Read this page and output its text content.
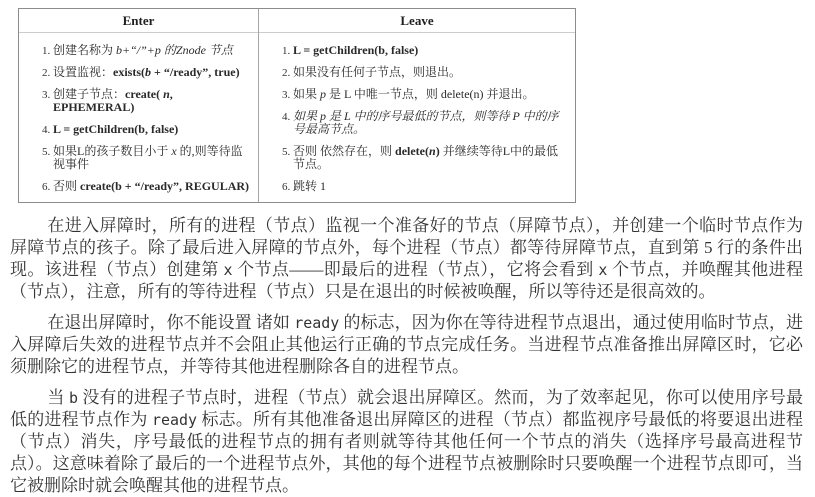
Enter
1. 创建名称为 b+“/”+p 的Znode 节点
2. 设置监视：exists(b + “/ready”, true)
3. 创建子节点：create( n, EPHEMERAL)
4. L = getChildren(b, false)
5. 如果L的孩子数目小于 x 的,则等待监视事件
6. 否则 create(b + “/ready”, REGULAR)
Leave
1. L = getChildren(b, false)
2. 如果没有任何子节点，则退出。
3. 如果 p 是 L 中唯一节点，则 delete(n) 并退出。
4. 如果 p 是 L 中的序号最低的节点，则等待 P 中的序号最高节点。
5. 否则 依然存在，则 delete(n) 并继续等待L中的最低节点。
6. 跳转 1

在进入屏障时，所有的进程（节点）监视一个准备好的节点（屏障节点），并创建一个临时节点作为屏障节点的孩子。除了最后进入屏障的节点外，每个进程（节点）都等待屏障节点，直到第 5 行的条件出现。该进程（节点）创建第 x 个节点——即最后的进程（节点），它将会看到 x 个节点，并唤醒其他进程（节点），注意，所有的等待进程（节点）只是在退出的时候被唤醒，所以等待还是很高效的。

在退出屏障时，你不能设置 诸如 ready 的标志，因为你在等待进程节点退出，通过使用临时节点，进入屏障后失效的进程节点并不会阻止其他运行正确的节点完成任务。当进程节点准备推出屏障区时，它必须删除它的进程节点，并等待其他进程删除各自的进程节点。

当 b 没有的进程子节点时，进程（节点）就会退出屏障区。然而，为了效率起见，你可以使用序号最低的进程节点作为 ready 标志。所有其他准备退出屏障区的进程（节点）都监视序号最低的将要退出进程（节点）消失，序号最低的进程节点的拥有者则就等待其他任何一个节点的消失（选择序号最高进程节点）。这意味着除了最后的一个进程节点外，其他的每个进程节点被删除时只要唤醒一个进程节点即可，当它被删除时就会唤醒其他的进程节点。
